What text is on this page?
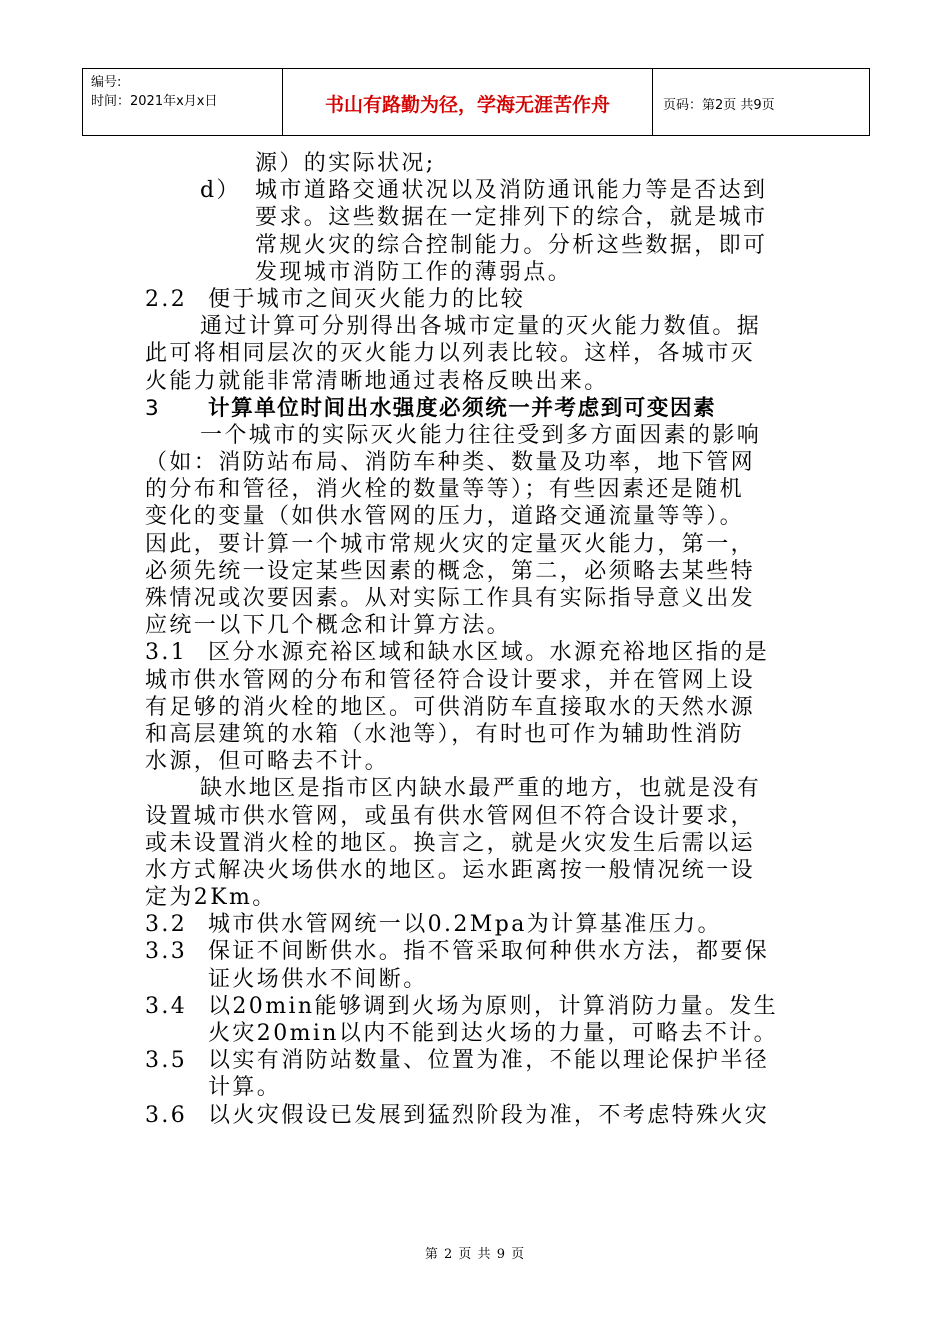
编号:
时间：2021年x月x日	书山有路勤为径，学海无涯苦作舟	页码：第2页 共9页
源）的实际状况;
d） 城市道路交通状况以及消防通讯能力等是否达到
要求。这些数据在一定排列下的综合，就是城市
常规火灾的综合控制能力。分析这些数据，即可
发现城市消防工作的薄弱点。
2.2 便于城市之间灭火能力的比较
通过计算可分别得出各城市定量的灭火能力数值。据
此可将相同层次的灭火能力以列表比较。这样，各城市灭
火能力就能非常清晰地通过表格反映出来。
3 计算单位时间出水强度必须统一并考虑到可变因素
一个城市的实际灭火能力往往受到多方面因素的影响
（如：消防站布局、消防车种类、数量及功率，地下管网
的分布和管径，消火栓的数量等等）；有些因素还是随机
变化的变量（如供水管网的压力，道路交通流量等等）。
因此，要计算一个城市常规火灾的定量灭火能力，第一，
必须先统一设定某些因素的概念，第二，必须略去某些特
殊情况或次要因素。从对实际工作具有实际指导意义出发
应统一以下几个概念和计算方法。
3.1 区分水源充裕区域和缺水区域。水源充裕地区指的是
城市供水管网的分布和管径符合设计要求，并在管网上设
有足够的消火栓的地区。可供消防车直接取水的天然水源
和高层建筑的水箱（水池等），有时也可作为辅助性消防
水源，但可略去不计。
缺水地区是指市区内缺水最严重的地方，也就是没有
设置城市供水管网，或虽有供水管网但不符合设计要求，
或未设置消火栓的地区。换言之，就是火灾发生后需以运
水方式解决火场供水的地区。运水距离按一般情况统一设
定为2Km。
3.2 城市供水管网统一以0.2Mpa为计算基准压力。
3.3 保证不间断供水。指不管采取何种供水方法，都要保
证火场供水不间断。
3.4 以20min能够调到火场为原则，计算消防力量。发生
火灾20min以内不能到达火场的力量，可略去不计。
3.5 以实有消防站数量、位置为准，不能以理论保护半径
计算。
3.6 以火灾假设已发展到猛烈阶段为准，不考虑特殊火灾
第 2 页 共 9 页
